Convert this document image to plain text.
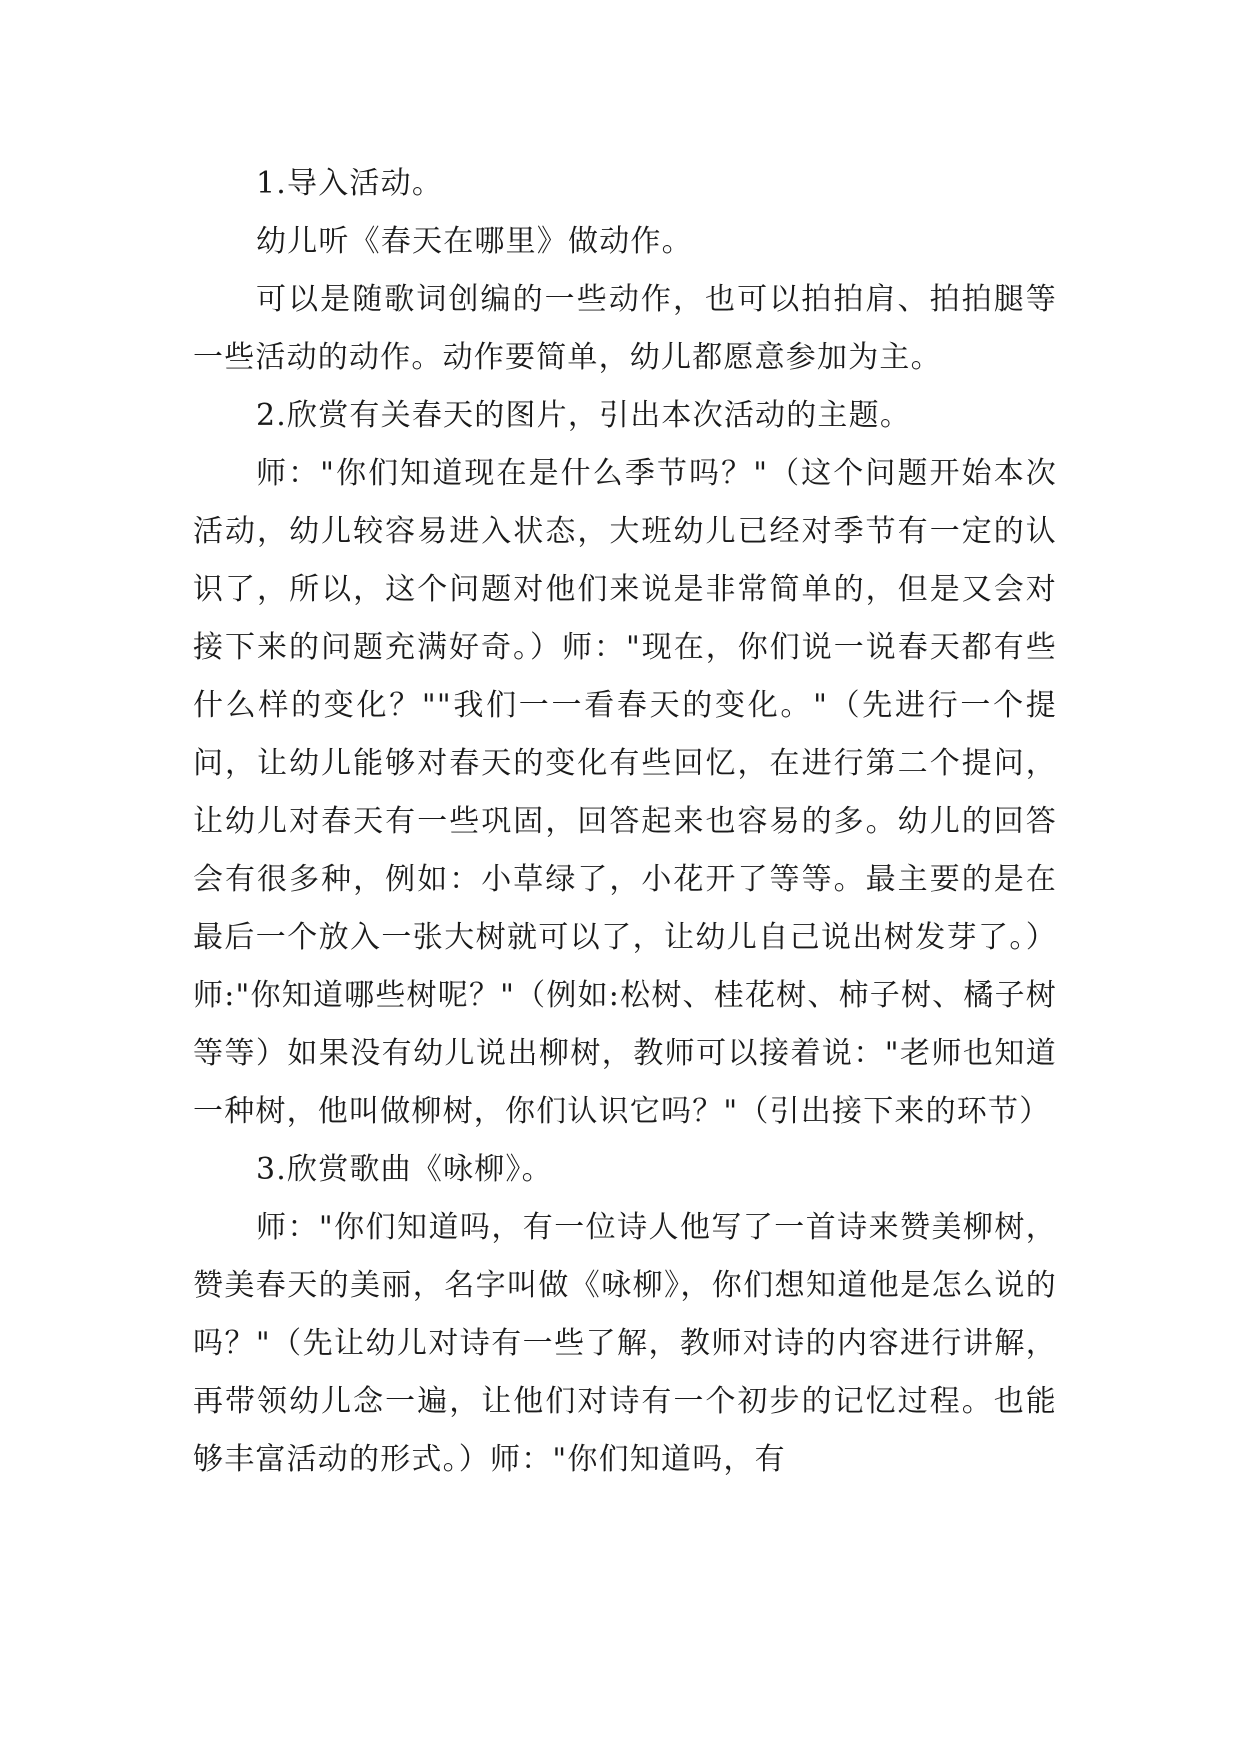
1.导入活动。

幼儿听《春天在哪里》做动作。

可以是随歌词创编的一些动作，也可以拍拍肩、拍拍腿等一些活动的动作。动作要简单，幼儿都愿意参加为主。

2.欣赏有关春天的图片，引出本次活动的主题。

师："你们知道现在是什么季节吗？"（这个问题开始本次活动，幼儿较容易进入状态，大班幼儿已经对季节有一定的认识了，所以，这个问题对他们来说是非常简单的，但是又会对接下来的问题充满好奇。）师："现在，你们说一说春天都有些什么样的变化？""我们一一看春天的变化。"（先进行一个提问，让幼儿能够对春天的变化有些回忆，在进行第二个提问，让幼儿对春天有一些巩固，回答起来也容易的多。幼儿的回答会有很多种，例如：小草绿了，小花开了等等。最主要的是在最后一个放入一张大树就可以了，让幼儿自己说出树发芽了。）师:"你知道哪些树呢？"（例如:松树、桂花树、柿子树、橘子树等等）如果没有幼儿说出柳树，教师可以接着说："老师也知道一种树，他叫做柳树，你们认识它吗？"（引出接下来的环节）

3.欣赏歌曲《咏柳》。

师："你们知道吗，有一位诗人他写了一首诗来赞美柳树，赞美春天的美丽，名字叫做《咏柳》，你们想知道他是怎么说的吗？"（先让幼儿对诗有一些了解，教师对诗的内容进行讲解，再带领幼儿念一遍，让他们对诗有一个初步的记忆过程。也能够丰富活动的形式。）师："你们知道吗，有
